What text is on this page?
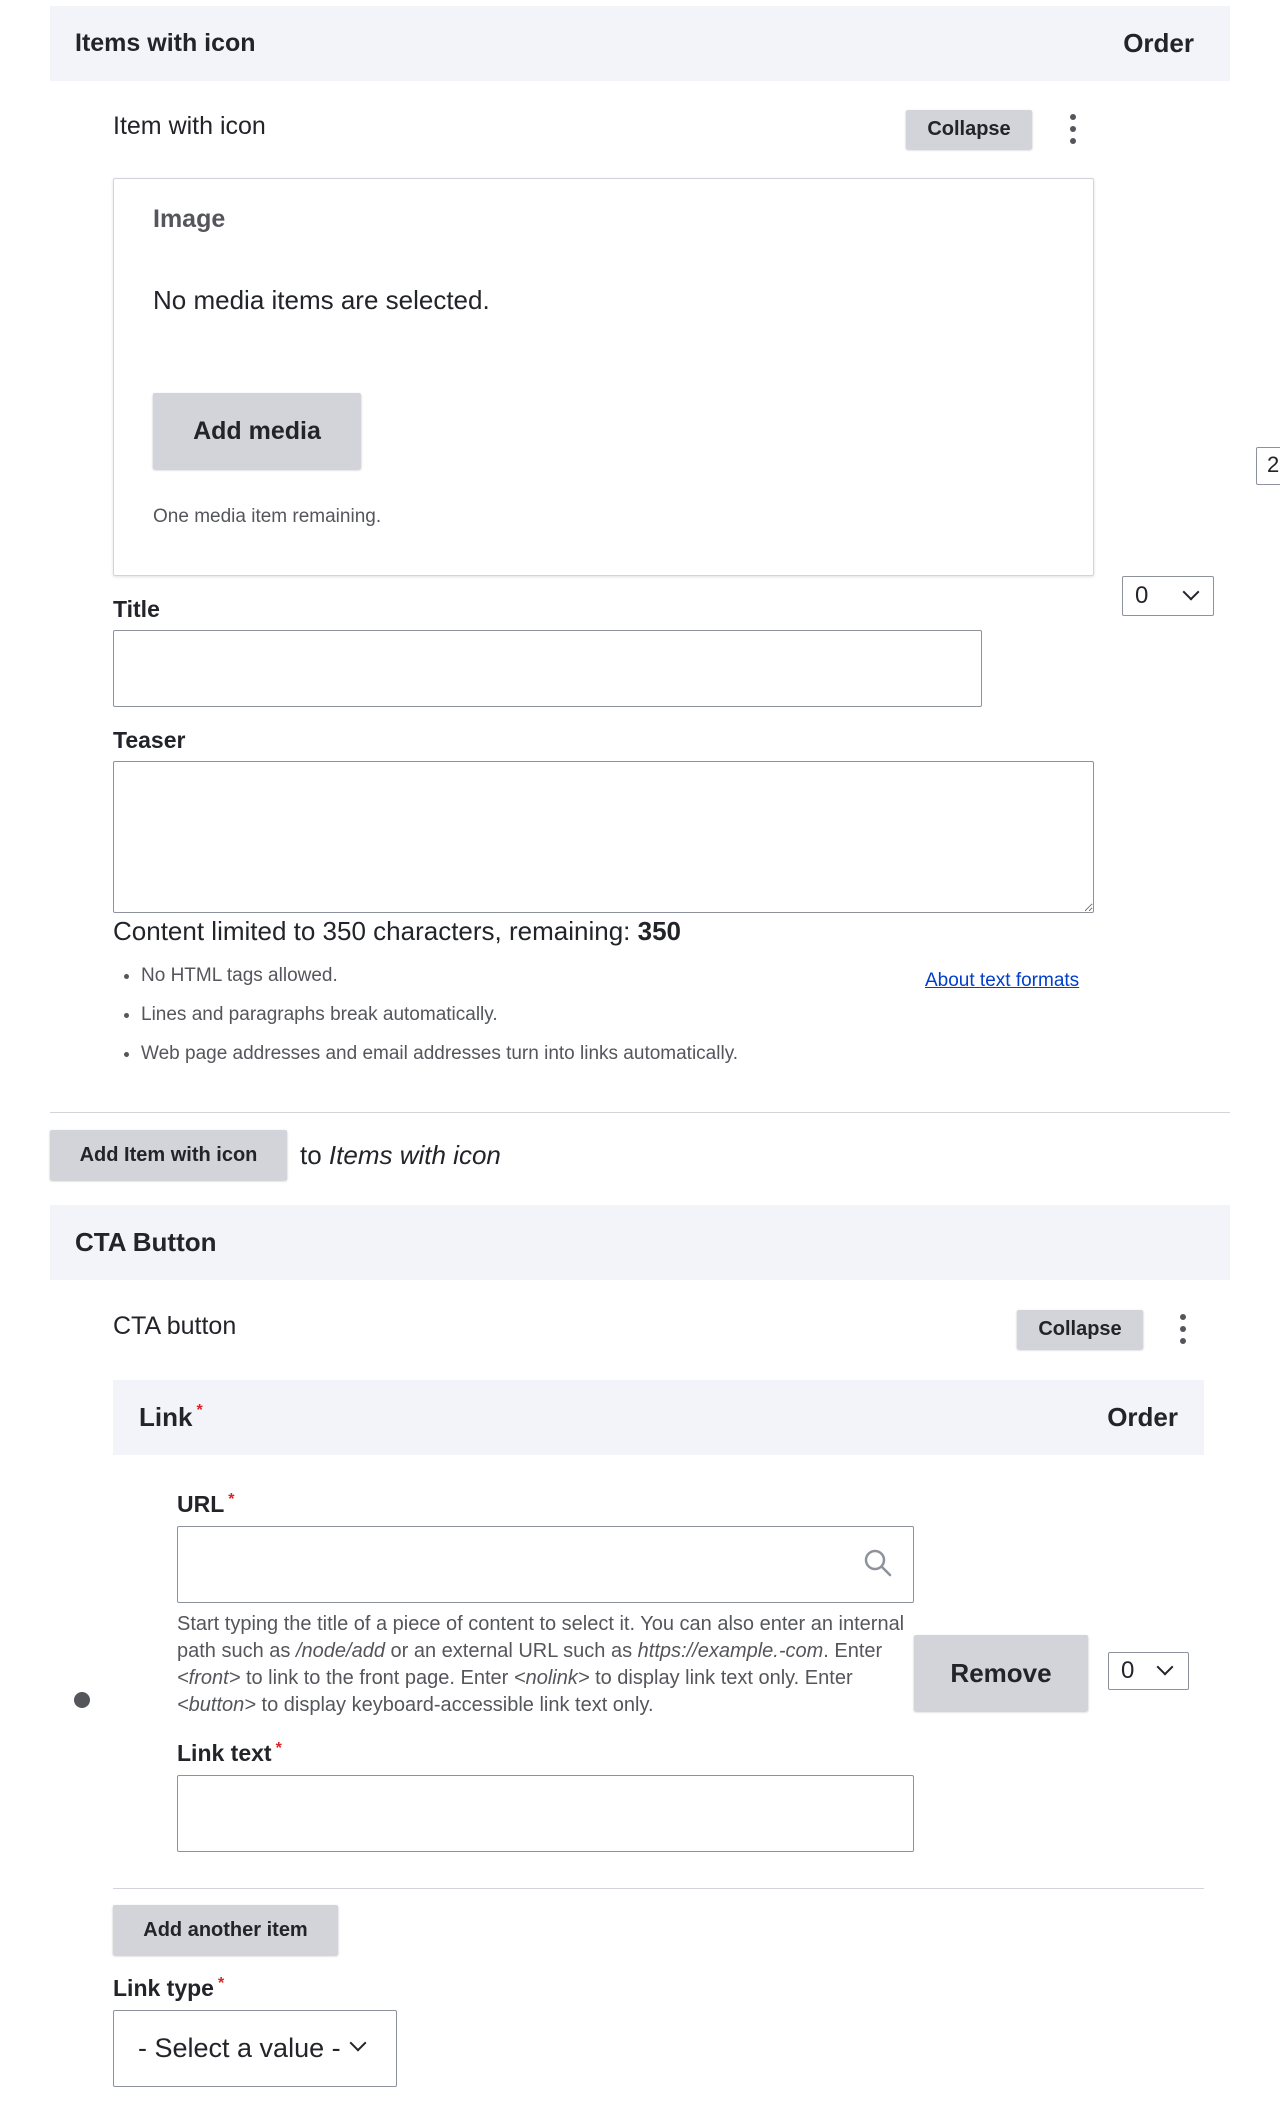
Items with icon	Order
Item with icon	Collapse
Image
No media items are selected.
Add media
One media item remaining.
2
0
Title
Teaser
Content limited to 350 characters, remaining: 350
• No HTML tags allowed.
• Lines and paragraphs break automatically.
• Web page addresses and email addresses turn into links automatically.
About text formats
Add Item with icon	to Items with icon
CTA Button
CTA button	Collapse
Link *	Order
URL *
Start typing the title of a piece of content to select it. You can also enter an internal path such as /node/add or an external URL such as https://example.-com. Enter <front> to link to the front page. Enter <nolink> to display link text only. Enter <button> to display keyboard-accessible link text only.
Remove	0
Link text *
Add another item
Link type *
- Select a value -
